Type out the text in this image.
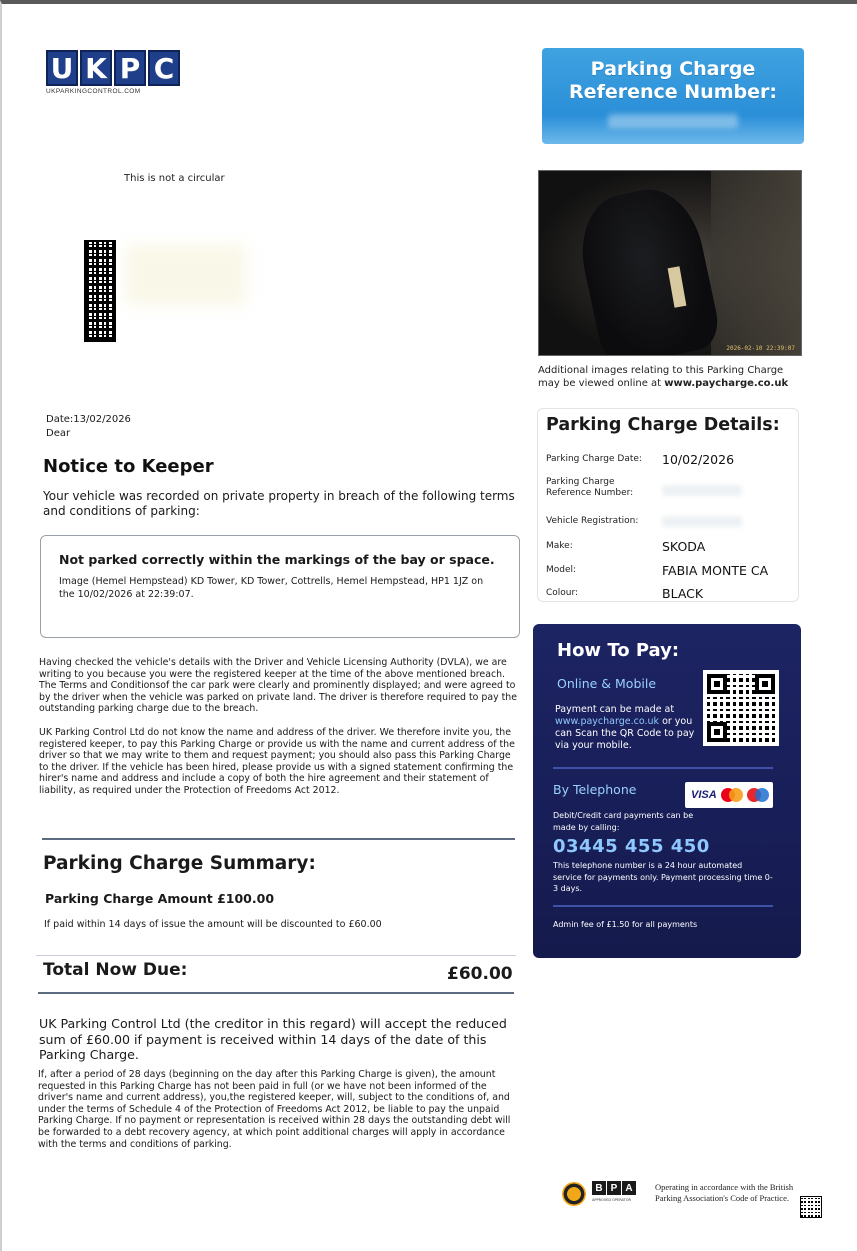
U K P C
UKPARKINGCONTROL.COM
Parking Charge Reference Number:
This is not a circular
2026-02-10 22:39:07
Additional images relating to this Parking Charge
may be viewed online at www.paycharge.co.uk
Date:13/02/2026
Dear
Notice to Keeper
Your vehicle was recorded on private property in breach of the following terms and conditions of parking:
Not parked correctly within the markings of the bay or space.
Image (Hemel Hempstead) KD Tower, KD Tower, Cottrells, Hemel Hempstead, HP1 1JZ on the 10/02/2026 at 22:39:07.
Having checked the vehicle's details with the Driver and Vehicle Licensing Authority (DVLA), we are writing to you because you were the registered keeper at the time of the above mentioned breach. The Terms and Conditionsof the car park were clearly and prominently displayed; and were agreed to by the driver when the vehicle was parked on private land. The driver is therefore required to pay the outstanding parking charge due to the breach.
UK Parking Control Ltd do not know the name and address of the driver. We therefore invite you, the registered keeper, to pay this Parking Charge or provide us with the name and current address of the driver so that we may write to them and request payment; you should also pass this Parking Charge to the driver. If the vehicle has been hired, please provide us with a signed statement confirming the hirer's name and address and include a copy of both the hire agreement and their statement of liability, as required under the Protection of Freedoms Act 2012.
Parking Charge Summary:
Parking Charge Amount £100.00
If paid within 14 days of issue the amount will be discounted to £60.00
Total Now Due:	£60.00
UK Parking Control Ltd (the creditor in this regard) will accept the reduced sum of £60.00 if payment is received within 14 days of the date of this Parking Charge.
If, after a period of 28 days (beginning on the day after this Parking Charge is given), the amount requested in this Parking Charge has not been paid in full (or we have not been informed of the driver's name and current address), you,the registered keeper, will, subject to the conditions of, and under the terms of Schedule 4 of the Protection of Freedoms Act 2012, be liable to pay the unpaid Parking Charge. If no payment or representation is received within 28 days the outstanding debt will be forwarded to a debt recovery agency, at which point additional charges will apply in accordance with the terms and conditions of parking.
Parking Charge Details:
Parking Charge Date:	10/02/2026
Parking Charge Reference Number:
Vehicle Registration:
Make:	SKODA
Model:	FABIA MONTE CA
Colour:	BLACK
How To Pay:
Online & Mobile
Payment can be made at www.paycharge.co.uk or you can Scan the QR Code to pay via your mobile.
By Telephone	VISA
Debit/Credit card payments can be made by calling:
03445 455 450
This telephone number is a 24 hour automated service for payments only. Payment processing time 0-3 days.
Admin fee of £1.50 for all payments
B P A
APPROVED OPERATOR
Operating in accordance with the British Parking Association's Code of Practice.
